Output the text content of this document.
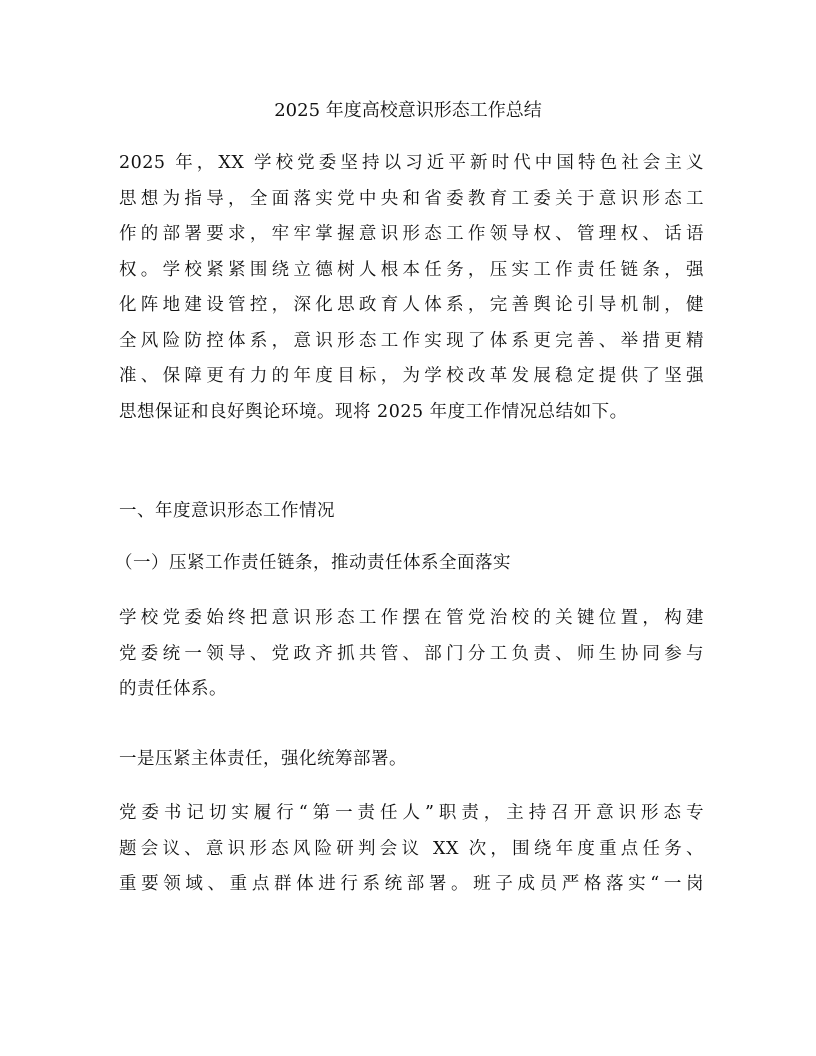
2025 年度高校意识形态工作总结
2025 年，XX 学校党委坚持以习近平新时代中国特色社会主义
思想为指导，全面落实党中央和省委教育工委关于意识形态工
作的部署要求，牢牢掌握意识形态工作领导权、管理权、话语
权。学校紧紧围绕立德树人根本任务，压实工作责任链条，强
化阵地建设管控，深化思政育人体系，完善舆论引导机制，健
全风险防控体系，意识形态工作实现了体系更完善、举措更精
准、保障更有力的年度目标，为学校改革发展稳定提供了坚强
思想保证和良好舆论环境。现将 2025 年度工作情况总结如下。
一、年度意识形态工作情况
（一）压紧工作责任链条，推动责任体系全面落实
学校党委始终把意识形态工作摆在管党治校的关键位置，构建
党委统一领导、党政齐抓共管、部门分工负责、师生协同参与
的责任体系。
一是压紧主体责任，强化统筹部署。
党委书记切实履行“第一责任人”职责，主持召开意识形态专
题会议、意识形态风险研判会议 XX 次，围绕年度重点任务、
重要领域、重点群体进行系统部署。班子成员严格落实“一岗
